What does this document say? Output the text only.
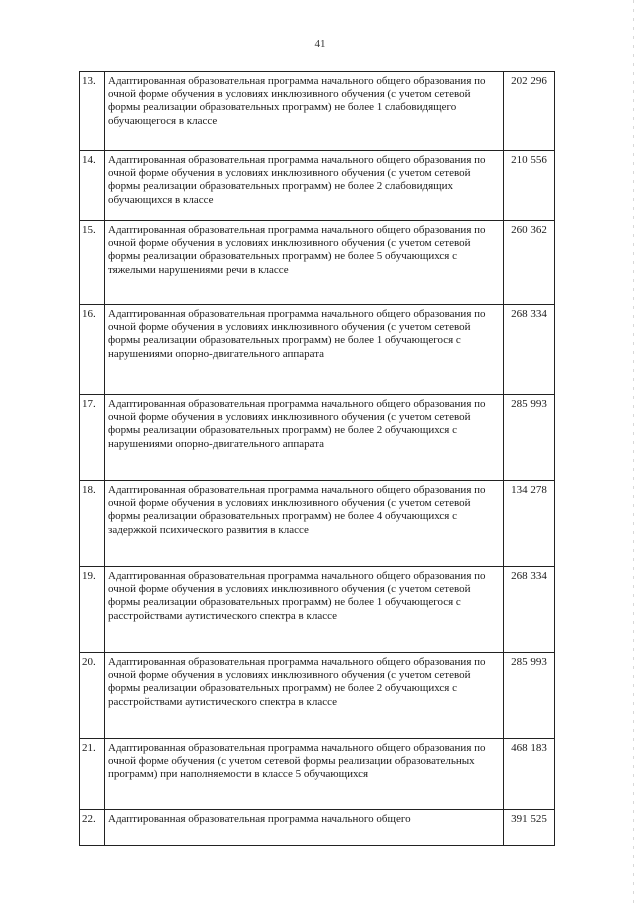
41
13.	Адаптированная образовательная программа начального общего образования по очной форме обучения в условиях инклюзивного обучения (с учетом сетевой формы реализации образовательных программ) не более 1 слабовидящего обучающегося в классе	202 296
14.	Адаптированная образовательная программа начального общего образования по очной форме обучения в условиях инклюзивного обучения (с учетом сетевой формы реализации образовательных программ) не более 2 слабовидящих обучающихся в классе	210 556
15.	Адаптированная образовательная программа начального общего образования по очной форме обучения в условиях инклюзивного обучения (с учетом сетевой формы реализации образовательных программ) не более 5 обучающихся с тяжелыми нарушениями речи в классе	260 362
16.	Адаптированная образовательная программа начального общего образования по очной форме обучения в условиях инклюзивного обучения (с учетом сетевой формы реализации образовательных программ) не более 1 обучающегося с нарушениями опорно-двигательного аппарата	268 334
17.	Адаптированная образовательная программа начального общего образования по очной форме обучения в условиях инклюзивного обучения (с учетом сетевой формы реализации образовательных программ) не более 2 обучающихся с нарушениями опорно-двигательного аппарата	285 993
18.	Адаптированная образовательная программа начального общего образования по очной форме обучения в условиях инклюзивного обучения (с учетом сетевой формы реализации образовательных программ) не более 4 обучающихся с задержкой психического развития в классе	134 278
19.	Адаптированная образовательная программа начального общего образования по очной форме обучения в условиях инклюзивного обучения (с учетом сетевой формы реализации образовательных программ) не более 1 обучающегося с расстройствами аутистического спектра в классе	268 334
20.	Адаптированная образовательная программа начального общего образования по очной форме обучения в условиях инклюзивного обучения (с учетом сетевой формы реализации образовательных программ) не более 2 обучающихся с расстройствами аутистического спектра в классе	285 993
21.	Адаптированная образовательная программа начального общего образования по очной форме обучения (с учетом сетевой формы реализации образовательных программ) при наполняемости в классе 5 обучающихся	468 183
22.	Адаптированная образовательная программа начального общего	391 525
